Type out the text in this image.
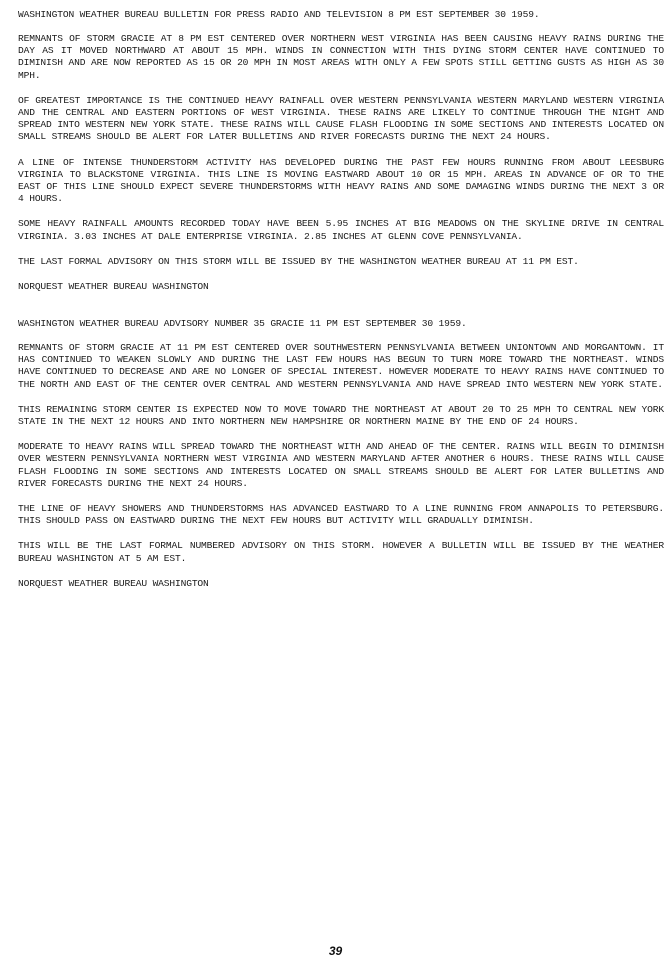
WASHINGTON WEATHER BUREAU BULLETIN FOR PRESS RADIO AND TELEVISION 8 PM EST SEPTEMBER 30 1959.

REMNANTS OF STORM GRACIE AT 8 PM EST CENTERED OVER NORTHERN WEST VIRGINIA HAS BEEN CAUSING HEAVY RAINS DURING THE DAY AS IT MOVED NORTHWARD AT ABOUT 15 MPH. WINDS IN CONNECTION WITH THIS DYING STORM CENTER HAVE CONTINUED TO DIMINISH AND ARE NOW REPORTED AS 15 OR 20 MPH IN MOST AREAS WITH ONLY A FEW SPOTS STILL GETTING GUSTS AS HIGH AS 30 MPH.

OF GREATEST IMPORTANCE IS THE CONTINUED HEAVY RAINFALL OVER WESTERN PENNSYLVANIA WESTERN MARYLAND WESTERN VIRGINIA AND THE CENTRAL AND EASTERN PORTIONS OF WEST VIRGINIA. THESE RAINS ARE LIKELY TO CONTINUE THROUGH THE NIGHT AND SPREAD INTO WESTERN NEW YORK STATE. THESE RAINS WILL CAUSE FLASH FLOODING IN SOME SECTIONS AND INTERESTS LOCATED ON SMALL STREAMS SHOULD BE ALERT FOR LATER BULLETINS AND RIVER FORECASTS DURING THE NEXT 24 HOURS.

A LINE OF INTENSE THUNDERSTORM ACTIVITY HAS DEVELOPED DURING THE PAST FEW HOURS RUNNING FROM ABOUT LEESBURG VIRGINIA TO BLACKSTONE VIRGINIA. THIS LINE IS MOVING EASTWARD ABOUT 10 OR 15 MPH. AREAS IN ADVANCE OF OR TO THE EAST OF THIS LINE SHOULD EXPECT SEVERE THUNDERSTORMS WITH HEAVY RAINS AND SOME DAMAGING WINDS DURING THE NEXT 3 OR 4 HOURS.

SOME HEAVY RAINFALL AMOUNTS RECORDED TODAY HAVE BEEN 5.95 INCHES AT BIG MEADOWS ON THE SKYLINE DRIVE IN CENTRAL VIRGINIA. 3.03 INCHES AT DALE ENTERPRISE VIRGINIA. 2.85 INCHES AT GLENN COVE PENNSYLVANIA.

THE LAST FORMAL ADVISORY ON THIS STORM WILL BE ISSUED BY THE WASHINGTON WEATHER BUREAU AT 11 PM EST.

NORQUEST WEATHER BUREAU WASHINGTON

WASHINGTON WEATHER BUREAU ADVISORY NUMBER 35 GRACIE 11 PM EST SEPTEMBER 30 1959.

REMNANTS OF STORM GRACIE AT 11 PM EST CENTERED OVER SOUTHWESTERN PENNSYLVANIA BETWEEN UNIONTOWN AND MORGANTOWN. IT HAS CONTINUED TO WEAKEN SLOWLY AND DURING THE LAST FEW HOURS HAS BEGUN TO TURN MORE TOWARD THE NORTHEAST. WINDS HAVE CONTINUED TO DECREASE AND ARE NO LONGER OF SPECIAL INTEREST. HOWEVER MODERATE TO HEAVY RAINS HAVE CONTINUED TO THE NORTH AND EAST OF THE CENTER OVER CENTRAL AND WESTERN PENNSYLVANIA AND HAVE SPREAD INTO WESTERN NEW YORK STATE.

THIS REMAINING STORM CENTER IS EXPECTED NOW TO MOVE TOWARD THE NORTHEAST AT ABOUT 20 TO 25 MPH TO CENTRAL NEW YORK STATE IN THE NEXT 12 HOURS AND INTO NORTHERN NEW HAMPSHIRE OR NORTHERN MAINE BY THE END OF 24 HOURS.

MODERATE TO HEAVY RAINS WILL SPREAD TOWARD THE NORTHEAST WITH AND AHEAD OF THE CENTER. RAINS WILL BEGIN TO DIMINISH OVER WESTERN PENNSYLVANIA NORTHERN WEST VIRGINIA AND WESTERN MARYLAND AFTER ANOTHER 6 HOURS. THESE RAINS WILL CAUSE FLASH FLOODING IN SOME SECTIONS AND INTERESTS LOCATED ON SMALL STREAMS SHOULD BE ALERT FOR LATER BULLETINS AND RIVER FORECASTS DURING THE NEXT 24 HOURS.

THE LINE OF HEAVY SHOWERS AND THUNDERSTORMS HAS ADVANCED EASTWARD TO A LINE RUNNING FROM ANNAPOLIS TO PETERSBURG. THIS SHOULD PASS ON EASTWARD DURING THE NEXT FEW HOURS BUT ACTIVITY WILL GRADUALLY DIMINISH.

THIS WILL BE THE LAST FORMAL NUMBERED ADVISORY ON THIS STORM. HOWEVER A BULLETIN WILL BE ISSUED BY THE WEATHER BUREAU WASHINGTON AT 5 AM EST.

NORQUEST WEATHER BUREAU WASHINGTON

39
